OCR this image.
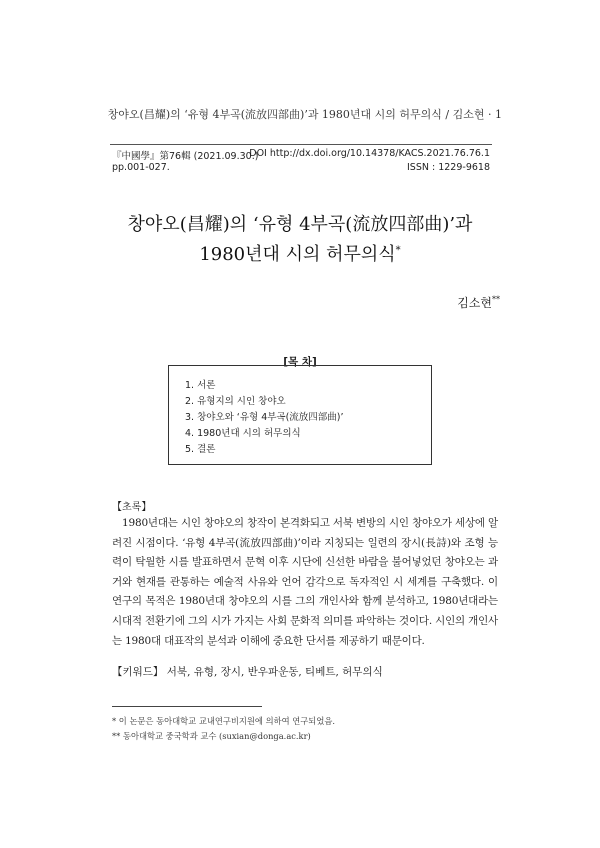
창야오(昌耀)의 ‘유형 4부곡(流放四部曲)’과 1980년대 시의 허무의식 / 김소현 · 1
『中國學』第76輯 (2021.09.30.)
DOI http://dx.doi.org/10.14378/KACS.2021.76.76.1
pp.001-027.	ISSN : 1229-9618
창야오(昌耀)의 ‘유형 4부곡(流放四部曲)’과
1980년대 시의 허무의식*
김소현**
[목 차]
1. 서론
2. 유형지의 시인 창야오
3. 창야오와 ‘유형 4부곡(流放四部曲)’
4. 1980년대 시의 허무의식
5. 결론
【초록】
1980년대는 시인 창야오의 창작이 본격화되고 서북 변방의 시인 창야오가 세상에 알려진 시점이다. ‘유형 4부곡(流放四部曲)’이라 지칭되는 일련의 장시(長詩)와 조형 능력이 탁월한 시를 발표하면서 문혁 이후 시단에 신선한 바람을 불어넣었던 창야오는 과거와 현재를 관통하는 예술적 사유와 언어 감각으로 독자적인 시 세계를 구축했다. 이 연구의 목적은 1980년대 창야오의 시를 그의 개인사와 함께 분석하고, 1980년대라는 시대적 전환기에 그의 시가 가지는 사회 문화적 의미를 파악하는 것이다. 시인의 개인사는 1980대 대표작의 분석과 이해에 중요한 단서를 제공하기 때문이다.
【키워드】 서북, 유형, 장시, 반우파운동, 티베트, 허무의식
* 이 논문은 동아대학교 교내연구비지원에 의하여 연구되었음.
** 동아대학교 중국학과 교수 (suxian@donga.ac.kr)
